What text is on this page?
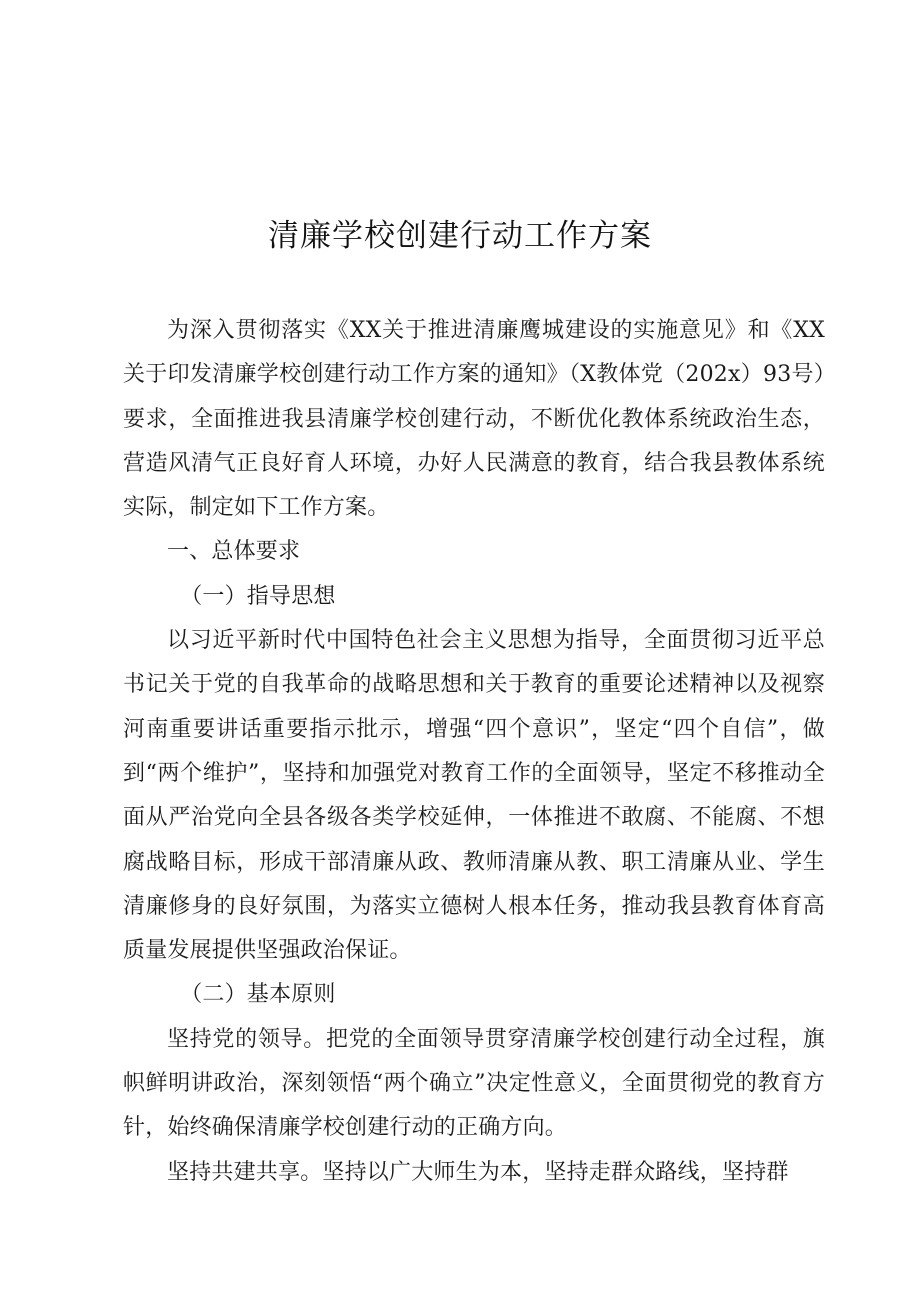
清廉学校创建行动工作方案

为深入贯彻落实《XX关于推进清廉鹰城建设的实施意见》和《XX关于印发清廉学校创建行动工作方案的通知》（X教体党（202x）93号）要求，全面推进我县清廉学校创建行动，不断优化教体系统政治生态，营造风清气正良好育人环境，办好人民满意的教育，结合我县教体系统实际，制定如下工作方案。

一、总体要求

（一）指导思想

以习近平新时代中国特色社会主义思想为指导，全面贯彻习近平总书记关于党的自我革命的战略思想和关于教育的重要论述精神以及视察河南重要讲话重要指示批示，增强“四个意识”，坚定“四个自信”，做到“两个维护”，坚持和加强党对教育工作的全面领导，坚定不移推动全面从严治党向全县各级各类学校延伸，一体推进不敢腐、不能腐、不想腐战略目标，形成干部清廉从政、教师清廉从教、职工清廉从业、学生清廉修身的良好氛围，为落实立德树人根本任务，推动我县教育体育高质量发展提供坚强政治保证。

（二）基本原则

坚持党的领导。把党的全面领导贯穿清廉学校创建行动全过程，旗帜鲜明讲政治，深刻领悟“两个确立”决定性意义，全面贯彻党的教育方针，始终确保清廉学校创建行动的正确方向。

坚持共建共享。坚持以广大师生为本，坚持走群众路线，坚持群
